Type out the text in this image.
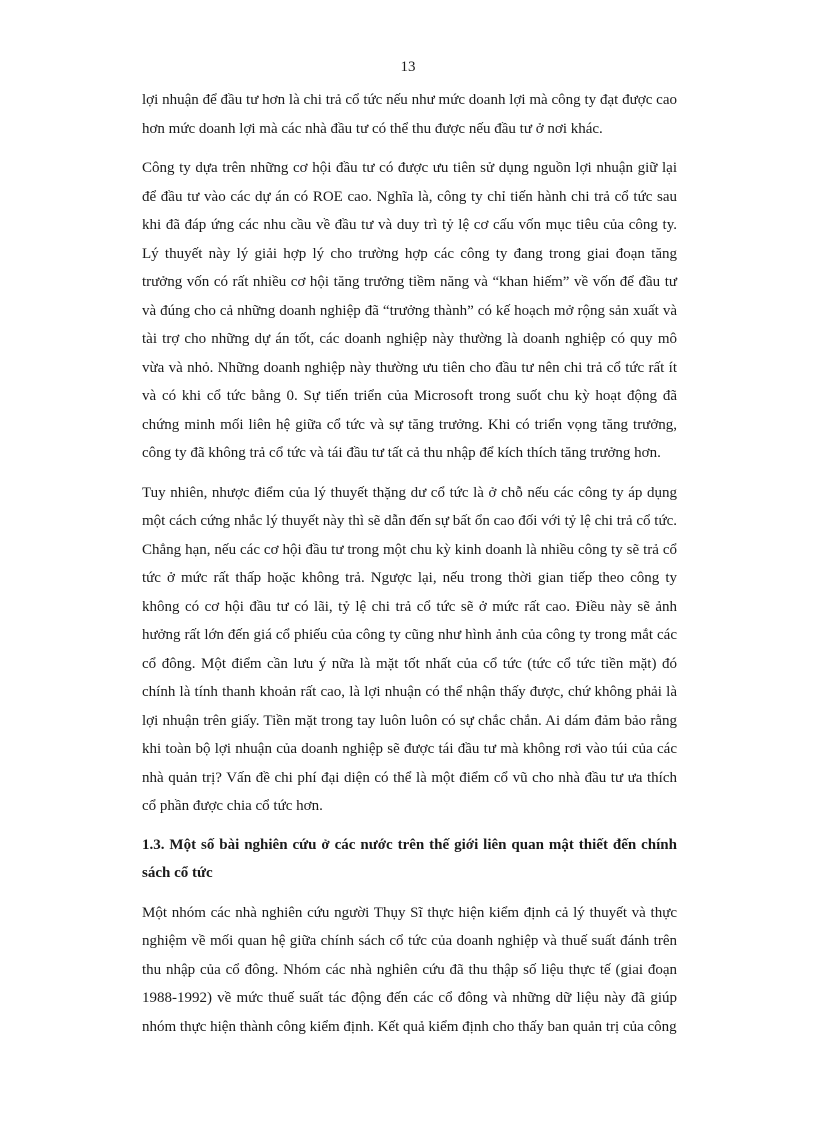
13

lợi nhuận để đầu tư hơn là chi trả cổ tức nếu như mức doanh lợi mà công ty đạt được cao hơn mức doanh lợi mà các nhà đầu tư có thể thu được nếu đầu tư ở nơi khác.

Công ty dựa trên những cơ hội đầu tư có được ưu tiên sử dụng nguồn lợi nhuận giữ lại để đầu tư vào các dự án có ROE cao. Nghĩa là, công ty chỉ tiến hành chi trả cổ tức sau khi đã đáp ứng các nhu cầu về đầu tư và duy trì tỷ lệ cơ cấu vốn mục tiêu của công ty. Lý thuyết này lý giải hợp lý cho trường hợp các công ty đang trong giai đoạn tăng trưởng vốn có rất nhiều cơ hội tăng trưởng tiềm năng và “khan hiếm” về vốn để đầu tư và đúng cho cả những doanh nghiệp đã “trưởng thành” có kế hoạch mở rộng sản xuất và tài trợ cho những dự án tốt, các doanh nghiệp này thường là doanh nghiệp có quy mô vừa và nhỏ. Những doanh nghiệp này thường ưu tiên cho đầu tư nên chi trả cổ tức rất ít và có khi cổ tức bằng 0. Sự tiến triển của Microsoft trong suốt chu kỳ hoạt động đã chứng minh mối liên hệ giữa cổ tức và sự tăng trưởng. Khi có triển vọng tăng trưởng, công ty đã không trả cổ tức và tái đầu tư tất cả thu nhập để kích thích tăng trưởng hơn.

Tuy nhiên, nhược điểm của lý thuyết thặng dư cổ tức là ở chỗ nếu các công ty áp dụng một cách cứng nhắc lý thuyết này thì sẽ dẫn đến sự bất ổn cao đối với tỷ lệ chi trả cổ tức. Chẳng hạn, nếu các cơ hội đầu tư trong một chu kỳ kinh doanh là nhiều công ty sẽ trả cổ tức ở mức rất thấp hoặc không trả. Ngược lại, nếu trong thời gian tiếp theo công ty không có cơ hội đầu tư có lãi, tỷ lệ chi trả cổ tức sẽ ở mức rất cao. Điều này sẽ ảnh hưởng rất lớn đến giá cổ phiếu của công ty cũng như hình ảnh của công ty trong mắt các cổ đông. Một điểm cần lưu ý nữa là mặt tốt nhất của cổ tức (tức cổ tức tiền mặt) đó chính là tính thanh khoản rất cao, là lợi nhuận có thể nhận thấy được, chứ không phải là lợi nhuận trên giấy. Tiền mặt trong tay luôn luôn có sự chắc chắn. Ai dám đảm bảo rằng khi toàn bộ lợi nhuận của doanh nghiệp sẽ được tái đầu tư mà không rơi vào túi của các nhà quản trị? Vấn đề chi phí đại diện có thể là một điểm cổ vũ cho nhà đầu tư ưa thích cổ phần được chia cổ tức hơn.

1.3. Một số bài nghiên cứu ở các nước trên thế giới liên quan mật thiết đến chính sách cổ tức

Một nhóm các nhà nghiên cứu người Thụy Sĩ thực hiện kiểm định cả lý thuyết và thực nghiệm về mối quan hệ giữa chính sách cổ tức của doanh nghiệp và thuế suất đánh trên thu nhập của cổ đông. Nhóm các nhà nghiên cứu đã thu thập số liệu thực tế (giai đoạn 1988-1992) về mức thuế suất tác động đến các cổ đông và những dữ liệu này đã giúp nhóm thực hiện thành công kiểm định. Kết quả kiểm định cho thấy ban quản trị của công
